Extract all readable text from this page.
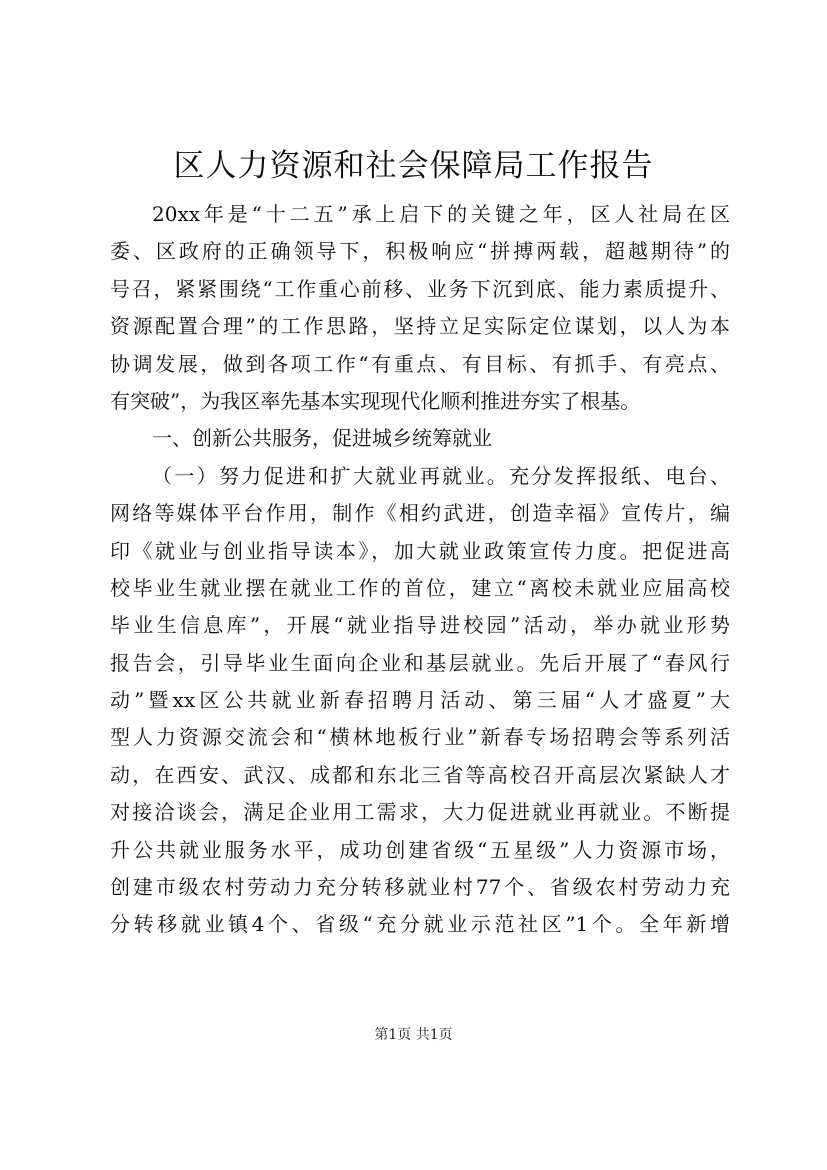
区人力资源和社会保障局工作报告
20xx年是“十二五”承上启下的关键之年，区人社局在区
委、区政府的正确领导下，积极响应“拼搏两载，超越期待”的
号召，紧紧围绕“工作重心前移、业务下沉到底、能力素质提升、
资源配置合理”的工作思路，坚持立足实际定位谋划，以人为本
协调发展，做到各项工作“有重点、有目标、有抓手、有亮点、
有突破”，为我区率先基本实现现代化顺利推进夯实了根基。
一、创新公共服务，促进城乡统筹就业
（一）努力促进和扩大就业再就业。充分发挥报纸、电台、
网络等媒体平台作用，制作《相约武进，创造幸福》宣传片，编
印《就业与创业指导读本》，加大就业政策宣传力度。把促进高
校毕业生就业摆在就业工作的首位，建立“离校未就业应届高校
毕业生信息库”，开展“就业指导进校园”活动，举办就业形势
报告会，引导毕业生面向企业和基层就业。先后开展了“春风行
动”暨xx区公共就业新春招聘月活动、第三届“人才盛夏”大
型人力资源交流会和“横林地板行业”新春专场招聘会等系列活
动，在西安、武汉、成都和东北三省等高校召开高层次紧缺人才
对接洽谈会，满足企业用工需求，大力促进就业再就业。不断提
升公共就业服务水平，成功创建省级“五星级”人力资源市场，
创建市级农村劳动力充分转移就业村77个、省级农村劳动力充
分转移就业镇4个、省级“充分就业示范社区”1个。全年新增
第1页 共1页
